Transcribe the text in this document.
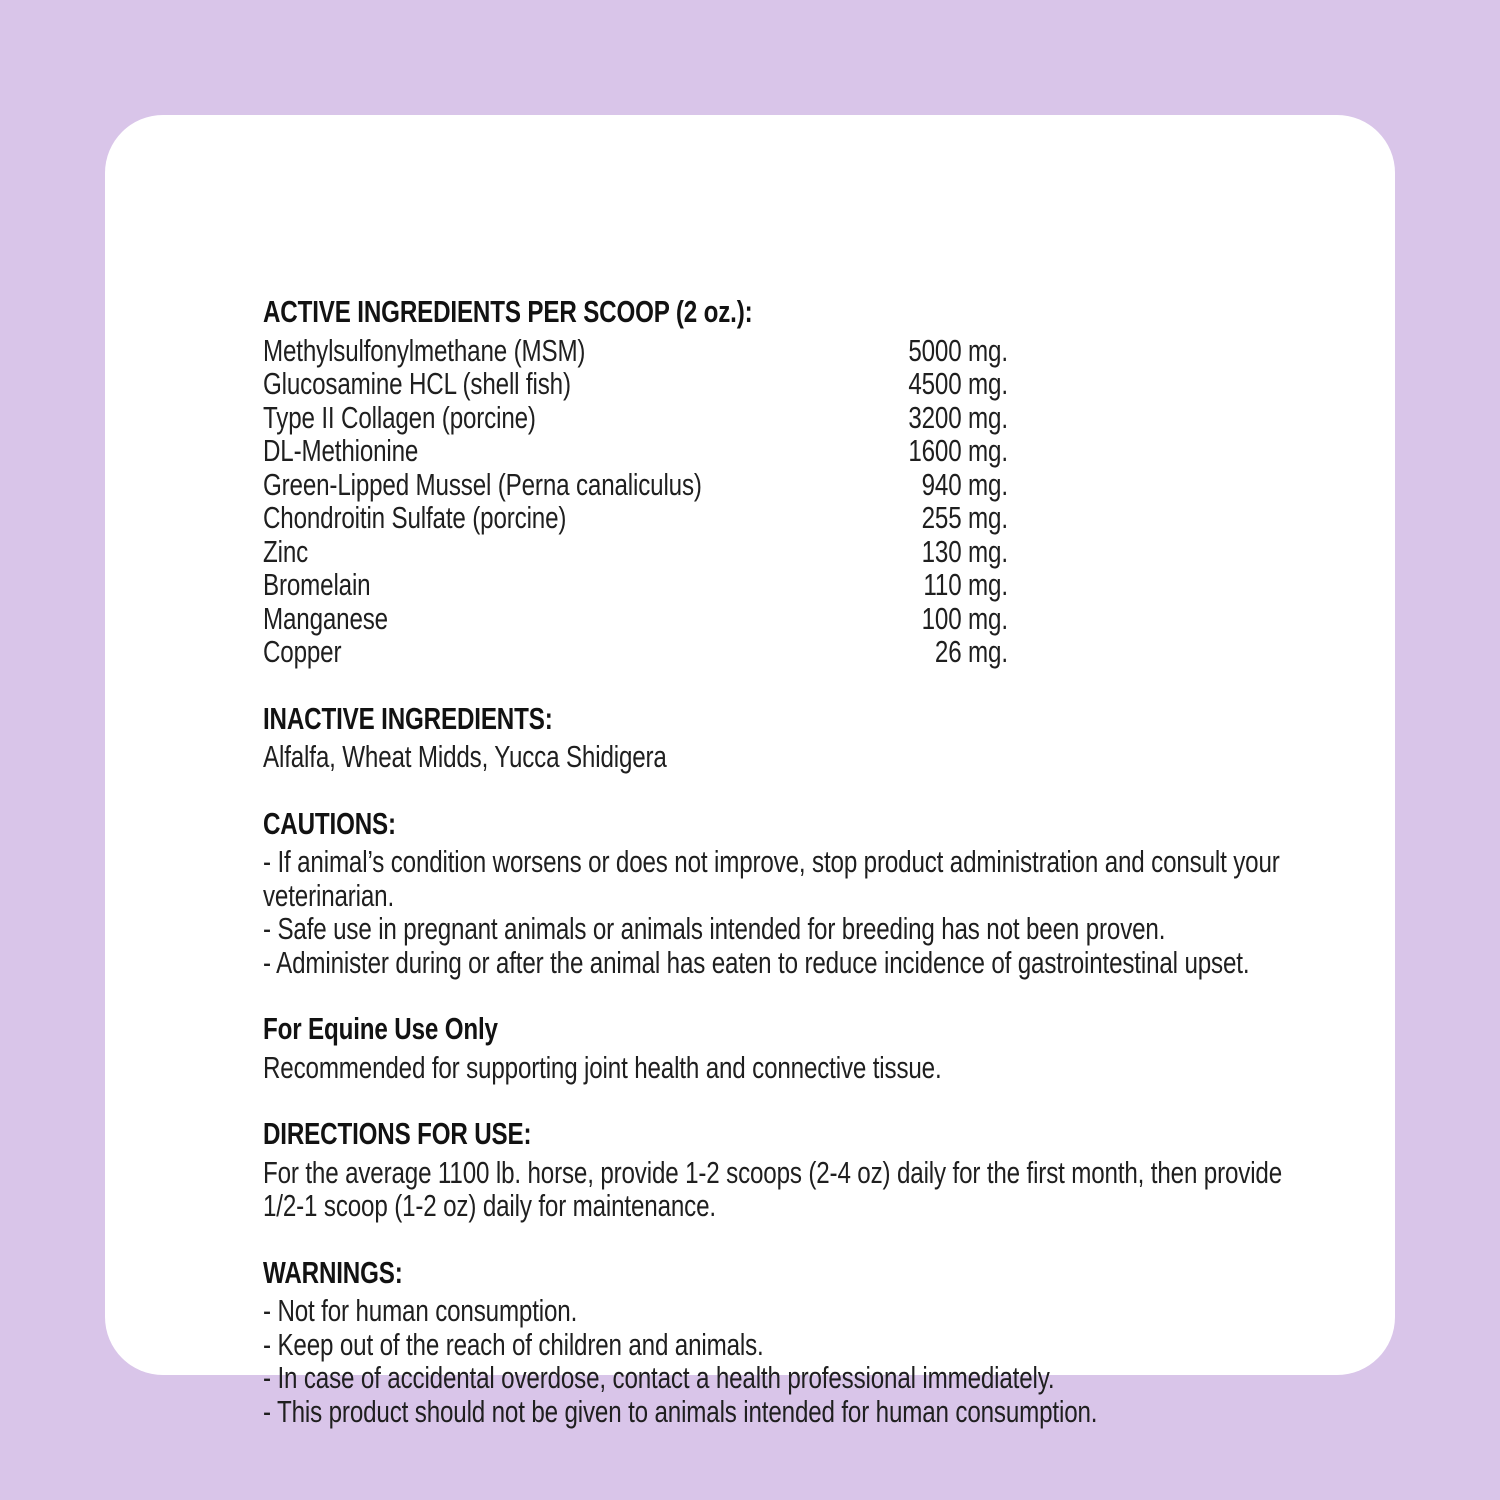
ACTIVE INGREDIENTS PER SCOOP (2 oz.):
Methylsulfonylmethane (MSM)	5000 mg.
Glucosamine HCL (shell fish)	4500 mg.
Type II Collagen (porcine)	3200 mg.
DL-Methionine	1600 mg.
Green-Lipped Mussel (Perna canaliculus)	940 mg.
Chondroitin Sulfate (porcine)	255 mg.
Zinc	130 mg.
Bromelain	110 mg.
Manganese	100 mg.
Copper	26 mg.
INACTIVE INGREDIENTS:
Alfalfa, Wheat Midds, Yucca Shidigera
CAUTIONS:
- If animal’s condition worsens or does not improve, stop product administration and consult your
veterinarian.
- Safe use in pregnant animals or animals intended for breeding has not been proven.
- Administer during or after the animal has eaten to reduce incidence of gastrointestinal upset.
For Equine Use Only
Recommended for supporting joint health and connective tissue.
DIRECTIONS FOR USE:
For the average 1100 lb. horse, provide 1-2 scoops (2-4 oz) daily for the first month, then provide
1/2-1 scoop (1-2 oz) daily for maintenance.
WARNINGS:
- Not for human consumption.
- Keep out of the reach of children and animals.
- In case of accidental overdose, contact a health professional immediately.
- This product should not be given to animals intended for human consumption.
